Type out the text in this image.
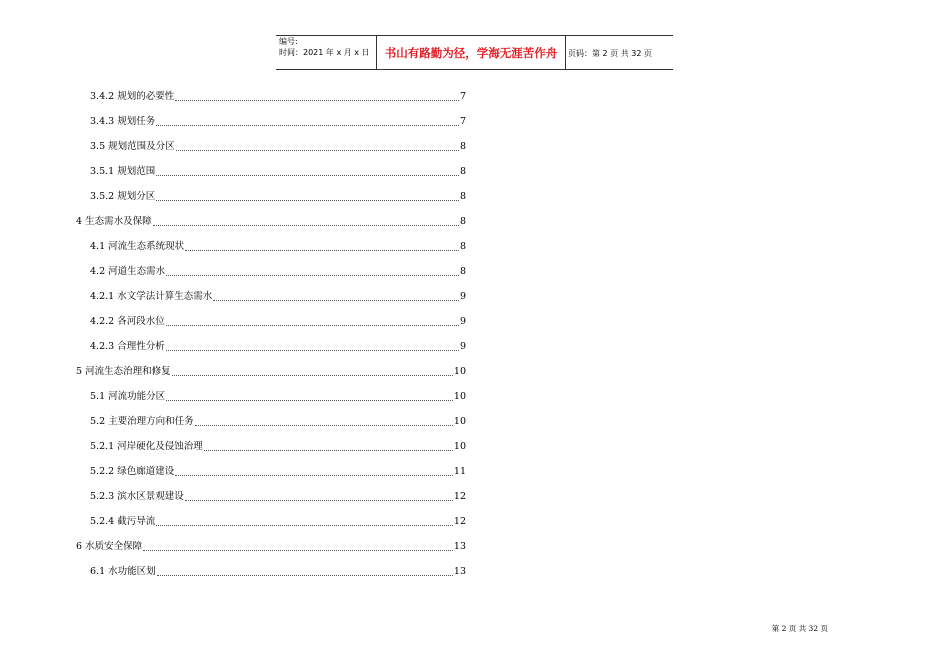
编号:
时间：2021 年 x 月 x 日	书山有路勤为径，学海无涯苦作舟	页码：第 2 页 共 32 页
3.4.2 规划的必要性	7
3.4.3 规划任务	7
3.5 规划范围及分区	8
3.5.1 规划范围	8
3.5.2 规划分区	8
4 生态需水及保障	8
4.1 河流生态系统现状	8
4.2 河道生态需水	8
4.2.1 水文学法计算生态需水	9
4.2.2 各河段水位	9
4.2.3 合理性分析	9
5 河流生态治理和修复	10
5.1 河流功能分区	10
5.2 主要治理方向和任务	10
5.2.1 河岸硬化及侵蚀治理	10
5.2.2 绿色廊道建设	11
5.2.3 滨水区景观建设	12
5.2.4 截污导流	12
6 水质安全保障	13
6.1 水功能区划	13
第 2 页 共 32 页
